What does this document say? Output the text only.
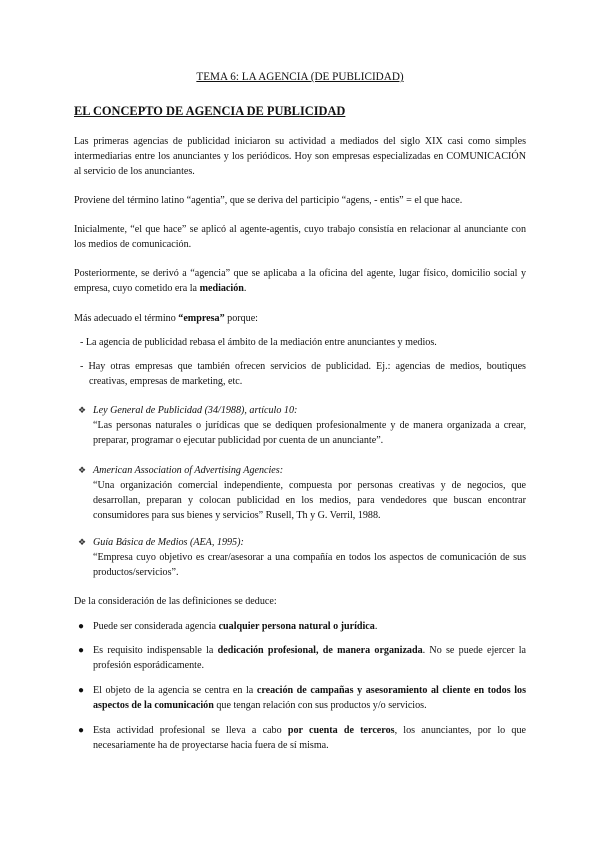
TEMA 6: LA AGENCIA (DE PUBLICIDAD)
EL CONCEPTO DE AGENCIA DE PUBLICIDAD
Las primeras agencias de publicidad iniciaron su actividad a mediados del siglo XIX casi como simples intermediarias entre los anunciantes y los periódicos. Hoy son empresas especializadas en COMUNICACIÓN al servicio de los anunciantes.
Proviene del término latino “agentia”, que se deriva del participio “agens, - entis” = el que hace.
Inicialmente, “el que hace” se aplicó al agente-agentis, cuyo trabajo consistía en relacionar al anunciante con los medios de comunicación.
Posteriormente, se derivó a “agencia” que se aplicaba a la oficina del agente, lugar físico, domicilio social y empresa, cuyo cometido era la mediación.
Más adecuado el término “empresa” porque:
- La agencia de publicidad rebasa el ámbito de la mediación entre anunciantes y medios.
- Hay otras empresas que también ofrecen servicios de publicidad. Ej.: agencias de medios, boutiques creativas, empresas de marketing, etc.
❖ Ley General de Publicidad (34/1988), artículo 10:
“Las personas naturales o jurídicas que se dediquen profesionalmente y de manera organizada a crear, preparar, programar o ejecutar publicidad por cuenta de un anunciante”.
❖ American Association of Advertising Agencies:
“Una organización comercial independiente, compuesta por personas creativas y de negocios, que desarrollan, preparan y colocan publicidad en los medios, para vendedores que buscan encontrar consumidores para sus bienes y servicios” Rusell, Th y G. Verril, 1988.
❖ Guía Básica de Medios (AEA, 1995):
“Empresa cuyo objetivo es crear/asesorar a una compañía en todos los aspectos de comunicación de sus productos/servicios”.
De la consideración de las definiciones se deduce:
● Puede ser considerada agencia cualquier persona natural o jurídica.
● Es requisito indispensable la dedicación profesional, de manera organizada. No se puede ejercer la profesión esporádicamente.
● El objeto de la agencia se centra en la creación de campañas y asesoramiento al cliente en todos los aspectos de la comunicación que tengan relación con sus productos y/o servicios.
● Esta actividad profesional se lleva a cabo por cuenta de terceros, los anunciantes, por lo que necesariamente ha de proyectarse hacia fuera de sí misma.
